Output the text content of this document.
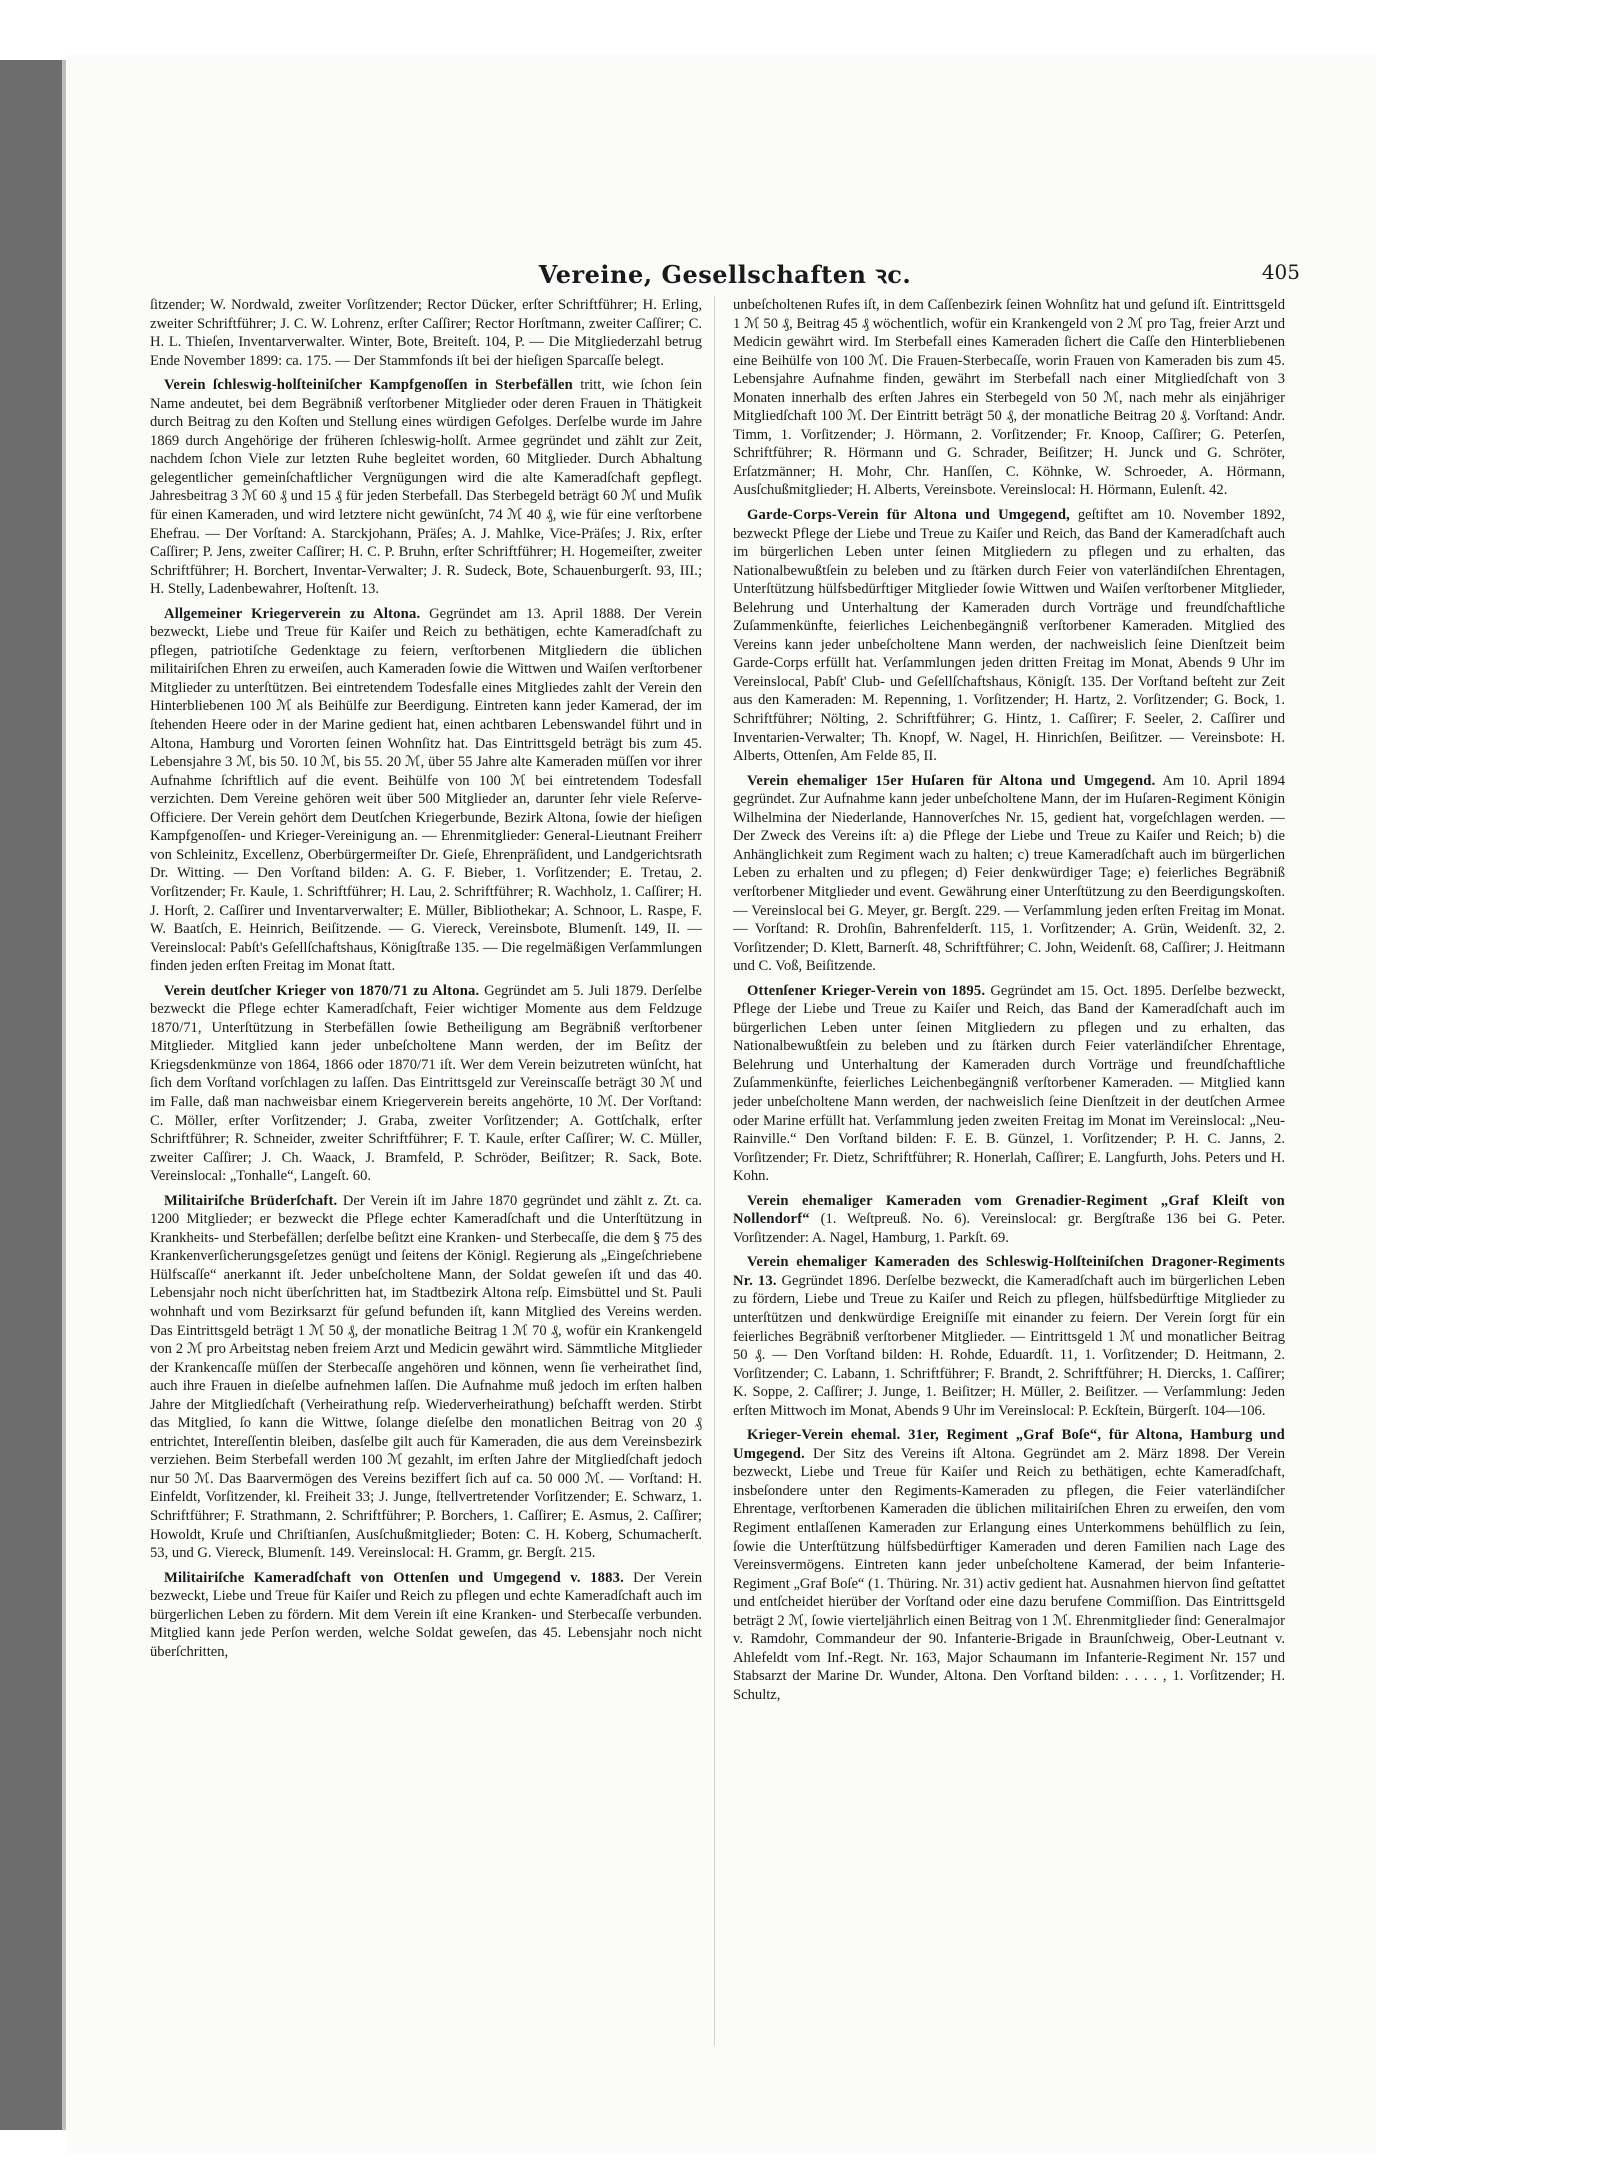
Vereine, Gesellschaften ꝛc.	405

ſitzender; W. Nordwald, zweiter Vorſitzender; Rector Dücker, erſter Schriftführer; H. Erling, zweiter Schriftführer; J. C. W. Lohrenz, erſter Caſſirer; Rector Horſtmann, zweiter Caſſirer; C. H. L. Thieſen, Inventarverwalter. Winter, Bote, Breiteſt. 104, P. — Die Mitgliederzahl betrug Ende November 1899: ca. 175. — Der Stammfonds iſt bei der hieſigen Sparcaſſe belegt.

Verein ſchleswig-holſteiniſcher Kampfgenoſſen in Sterbefällen tritt, wie ſchon ſein Name andeutet, bei dem Begräbniß verſtorbener Mitglieder oder deren Frauen in Thätigkeit durch Beitrag zu den Koſten und Stellung eines würdigen Gefolges. Derſelbe wurde im Jahre 1869 durch Angehörige der früheren ſchleswig-holſt. Armee gegründet und zählt zur Zeit, nachdem ſchon Viele zur letzten Ruhe begleitet worden, 60 Mitglieder. Durch Abhaltung gelegentlicher gemeinſchaftlicher Vergnügungen wird die alte Kameradſchaft gepflegt. Jahresbeitrag 3 ℳ 60 ₰ und 15 ₰ für jeden Sterbefall. Das Sterbegeld beträgt 60 ℳ und Muſik für einen Kameraden, und wird letztere nicht gewünſcht, 74 ℳ 40 ₰, wie für eine verſtorbene Ehefrau. — Der Vorſtand: A. Starckjohann, Präſes; A. J. Mahlke, Vice-Präſes; J. Rix, erſter Caſſirer; P. Jens, zweiter Caſſirer; H. C. P. Bruhn, erſter Schriftführer; H. Hogemeiſter, zweiter Schriftführer; H. Borchert, Inventar-Verwalter; J. R. Sudeck, Bote, Schauenburgerſt. 93, III.; H. Stelly, Ladenbewahrer, Hoſtenſt. 13.

Allgemeiner Kriegerverein zu Altona. Gegründet am 13. April 1888. Der Verein bezweckt, Liebe und Treue für Kaiſer und Reich zu bethätigen, echte Kameradſchaft zu pflegen, patriotiſche Gedenktage zu feiern, verſtorbenen Mitgliedern die üblichen militairiſchen Ehren zu erweiſen, auch Kameraden ſowie die Wittwen und Waiſen verſtorbener Mitglieder zu unterſtützen. Bei eintretendem Todesfalle eines Mitgliedes zahlt der Verein den Hinterbliebenen 100 ℳ als Beihülfe zur Beerdigung. Eintreten kann jeder Kamerad, der im ſtehenden Heere oder in der Marine gedient hat, einen achtbaren Lebenswandel führt und in Altona, Hamburg und Vororten ſeinen Wohnſitz hat. Das Eintrittsgeld beträgt bis zum 45. Lebensjahre 3 ℳ, bis 50. 10 ℳ, bis 55. 20 ℳ, über 55 Jahre alte Kameraden müſſen vor ihrer Aufnahme ſchriftlich auf die event. Beihülfe von 100 ℳ bei eintretendem Todesfall verzichten. Dem Vereine gehören weit über 500 Mitglieder an, darunter ſehr viele Reſerve-Officiere. Der Verein gehört dem Deutſchen Kriegerbunde, Bezirk Altona, ſowie der hieſigen Kampfgenoſſen- und Krieger-Vereinigung an. — Ehrenmitglieder: General-Lieutnant Freiherr von Schleinitz, Excellenz, Oberbürgermeiſter Dr. Gieſe, Ehrenpräſident, und Landgerichtsrath Dr. Witting. — Den Vorſtand bilden: A. G. F. Bieber, 1. Vorſitzender; E. Tretau, 2. Vorſitzender; Fr. Kaule, 1. Schriftführer; H. Lau, 2. Schriftführer; R. Wachholz, 1. Caſſirer; H. J. Horſt, 2. Caſſirer und Inventarverwalter; E. Müller, Bibliothekar; A. Schnoor, L. Raspe, F. W. Baatſch, E. Heinrich, Beiſitzende. — G. Viereck, Vereinsbote, Blumenſt. 149, II. — Vereinslocal: Pabſt's Geſellſchaftshaus, Königſtraße 135. — Die regelmäßigen Verſammlungen finden jeden erſten Freitag im Monat ſtatt.

Verein deutſcher Krieger von 1870/71 zu Altona. Gegründet am 5. Juli 1879. Derſelbe bezweckt die Pflege echter Kameradſchaft, Feier wichtiger Momente aus dem Feldzuge 1870/71, Unterſtützung in Sterbefällen ſowie Betheiligung am Begräbniß verſtorbener Mitglieder. Mitglied kann jeder unbeſcholtene Mann werden, der im Beſitz der Kriegsdenkmünze von 1864, 1866 oder 1870/71 iſt. Wer dem Verein beizutreten wünſcht, hat ſich dem Vorſtand vorſchlagen zu laſſen. Das Eintrittsgeld zur Vereinscaſſe beträgt 30 ℳ und im Falle, daß man nachweisbar einem Kriegerverein bereits angehörte, 10 ℳ. Der Vorſtand: C. Möller, erſter Vorſitzender; J. Graba, zweiter Vorſitzender; A. Gottſchalk, erſter Schriftführer; R. Schneider, zweiter Schriftführer; F. T. Kaule, erſter Caſſirer; W. C. Müller, zweiter Caſſirer; J. Ch. Waack, J. Bramfeld, P. Schröder, Beiſitzer; R. Sack, Bote. Vereinslocal: „Tonhalle“, Langeſt. 60.

Militairiſche Brüderſchaft. Der Verein iſt im Jahre 1870 gegründet und zählt z. Zt. ca. 1200 Mitglieder; er bezweckt die Pflege echter Kameradſchaft und die Unterſtützung in Krankheits- und Sterbefällen; derſelbe beſitzt eine Kranken- und Sterbecaſſe, die dem § 75 des Krankenverſicherungsgeſetzes genügt und ſeitens der Königl. Regierung als „Eingeſchriebene Hülfscaſſe“ anerkannt iſt. Jeder unbeſcholtene Mann, der Soldat geweſen iſt und das 40. Lebensjahr noch nicht überſchritten hat, im Stadtbezirk Altona reſp. Eimsbüttel und St. Pauli wohnhaft und vom Bezirksarzt für geſund befunden iſt, kann Mitglied des Vereins werden. Das Eintrittsgeld beträgt 1 ℳ 50 ₰, der monatliche Beitrag 1 ℳ 70 ₰, wofür ein Krankengeld von 2 ℳ pro Arbeitstag neben freiem Arzt und Medicin gewährt wird. Sämmtliche Mitglieder der Krankencaſſe müſſen der Sterbecaſſe angehören und können, wenn ſie verheirathet ſind, auch ihre Frauen in dieſelbe aufnehmen laſſen. Die Aufnahme muß jedoch im erſten halben Jahre der Mitgliedſchaft (Verheirathung reſp. Wiederverheirathung) beſchafft werden. Stirbt das Mitglied, ſo kann die Wittwe, ſolange dieſelbe den monatlichen Beitrag von 20 ₰ entrichtet, Intereſſentin bleiben, dasſelbe gilt auch für Kameraden, die aus dem Vereinsbezirk verziehen. Beim Sterbefall werden 100 ℳ gezahlt, im erſten Jahre der Mitgliedſchaft jedoch nur 50 ℳ. Das Baarvermögen des Vereins beziffert ſich auf ca. 50 000 ℳ. — Vorſtand: H. Einfeldt, Vorſitzender, kl. Freiheit 33; J. Junge, ſtellvertretender Vorſitzender; E. Schwarz, 1. Schriftführer; F. Strathmann, 2. Schriftführer; P. Borchers, 1. Caſſirer; E. Asmus, 2. Caſſirer; Howoldt, Kruſe und Chriſtianſen, Ausſchußmitglieder; Boten: C. H. Koberg, Schumacherſt. 53, und G. Viereck, Blumenſt. 149. Vereinslocal: H. Gramm, gr. Bergſt. 215.

Militairiſche Kameradſchaft von Ottenſen und Umgegend v. 1883. Der Verein bezweckt, Liebe und Treue für Kaiſer und Reich zu pflegen und echte Kameradſchaft auch im bürgerlichen Leben zu fördern. Mit dem Verein iſt eine Kranken- und Sterbecaſſe verbunden. Mitglied kann jede Perſon werden, welche Soldat geweſen, das 45. Lebensjahr noch nicht überſchritten,

unbeſcholtenen Rufes iſt, in dem Caſſenbezirk ſeinen Wohnſitz hat und geſund iſt. Eintrittsgeld 1 ℳ 50 ₰, Beitrag 45 ₰ wöchentlich, wofür ein Krankengeld von 2 ℳ pro Tag, freier Arzt und Medicin gewährt wird. Im Sterbefall eines Kameraden ſichert die Caſſe den Hinterbliebenen eine Beihülfe von 100 ℳ. Die Frauen-Sterbecaſſe, worin Frauen von Kameraden bis zum 45. Lebensjahre Aufnahme finden, gewährt im Sterbefall nach einer Mitgliedſchaft von 3 Monaten innerhalb des erſten Jahres ein Sterbegeld von 50 ℳ, nach mehr als einjähriger Mitgliedſchaft 100 ℳ. Der Eintritt beträgt 50 ₰, der monatliche Beitrag 20 ₰. Vorſtand: Andr. Timm, 1. Vorſitzender; J. Hörmann, 2. Vorſitzender; Fr. Knoop, Caſſirer; G. Peterſen, Schriftführer; R. Hörmann und G. Schrader, Beiſitzer; H. Junck und G. Schröter, Erſatzmänner; H. Mohr, Chr. Hanſſen, C. Köhnke, W. Schroeder, A. Hörmann, Ausſchußmitglieder; H. Alberts, Vereinsbote. Vereinslocal: H. Hörmann, Eulenſt. 42.

Garde-Corps-Verein für Altona und Umgegend, geſtiftet am 10. November 1892, bezweckt Pflege der Liebe und Treue zu Kaiſer und Reich, das Band der Kameradſchaft auch im bürgerlichen Leben unter ſeinen Mitgliedern zu pflegen und zu erhalten, das Nationalbewußtſein zu beleben und zu ſtärken durch Feier von vaterländiſchen Ehrentagen, Unterſtützung hülfsbedürftiger Mitglieder ſowie Wittwen und Waiſen verſtorbener Mitglieder, Belehrung und Unterhaltung der Kameraden durch Vorträge und freundſchaftliche Zuſammenkünfte, feierliches Leichenbegängniß verſtorbener Kameraden. Mitglied des Vereins kann jeder unbeſcholtene Mann werden, der nachweislich ſeine Dienſtzeit beim Garde-Corps erfüllt hat. Verſammlungen jeden dritten Freitag im Monat, Abends 9 Uhr im Vereinslocal, Pabſt' Club- und Geſellſchaftshaus, Königſt. 135. Der Vorſtand beſteht zur Zeit aus den Kameraden: M. Repenning, 1. Vorſitzender; H. Hartz, 2. Vorſitzender; G. Bock, 1. Schriftführer; Nölting, 2. Schriftführer; G. Hintz, 1. Caſſirer; F. Seeler, 2. Caſſirer und Inventarien-Verwalter; Th. Knopf, W. Nagel, H. Hinrichſen, Beiſitzer. — Vereinsbote: H. Alberts, Ottenſen, Am Felde 85, II.

Verein ehemaliger 15er Huſaren für Altona und Umgegend. Am 10. April 1894 gegründet. Zur Aufnahme kann jeder unbeſcholtene Mann, der im Huſaren-Regiment Königin Wilhelmina der Niederlande, Hannoverſches Nr. 15, gedient hat, vorgeſchlagen werden. — Der Zweck des Vereins iſt: a) die Pflege der Liebe und Treue zu Kaiſer und Reich; b) die Anhänglichkeit zum Regiment wach zu halten; c) treue Kameradſchaft auch im bürgerlichen Leben zu erhalten und zu pflegen; d) Feier denkwürdiger Tage; e) feierliches Begräbniß verſtorbener Mitglieder und event. Gewährung einer Unterſtützung zu den Beerdigungskoſten. — Vereinslocal bei G. Meyer, gr. Bergſt. 229. — Verſammlung jeden erſten Freitag im Monat. — Vorſtand: R. Drohſin, Bahrenfelderſt. 115, 1. Vorſitzender; A. Grün, Weidenſt. 32, 2. Vorſitzender; D. Klett, Barnerſt. 48, Schriftführer; C. John, Weidenſt. 68, Caſſirer; J. Heitmann und C. Voß, Beiſitzende.

Ottenſener Krieger-Verein von 1895. Gegründet am 15. Oct. 1895. Derſelbe bezweckt, Pflege der Liebe und Treue zu Kaiſer und Reich, das Band der Kameradſchaft auch im bürgerlichen Leben unter ſeinen Mitgliedern zu pflegen und zu erhalten, das Nationalbewußtſein zu beleben und zu ſtärken durch Feier vaterländiſcher Ehrentage, Belehrung und Unterhaltung der Kameraden durch Vorträge und freundſchaftliche Zuſammenkünfte, feierliches Leichenbegängniß verſtorbener Kameraden. — Mitglied kann jeder unbeſcholtene Mann werden, der nachweislich ſeine Dienſtzeit in der deutſchen Armee oder Marine erfüllt hat. Verſammlung jeden zweiten Freitag im Monat im Vereinslocal: „Neu-Rainville.“ Den Vorſtand bilden: F. E. B. Günzel, 1. Vorſitzender; P. H. C. Janns, 2. Vorſitzender; Fr. Dietz, Schriftführer; R. Honerlah, Caſſirer; E. Langfurth, Johs. Peters und H. Kohn.

Verein ehemaliger Kameraden vom Grenadier-Regiment „Graf Kleiſt von Nollendorf“ (1. Weſtpreuß. No. 6). Vereinslocal: gr. Bergſtraße 136 bei G. Peter. Vorſitzender: A. Nagel, Hamburg, 1. Parkſt. 69.

Verein ehemaliger Kameraden des Schleswig-Holſteiniſchen Dragoner-Regiments Nr. 13. Gegründet 1896. Derſelbe bezweckt, die Kameradſchaft auch im bürgerlichen Leben zu fördern, Liebe und Treue zu Kaiſer und Reich zu pflegen, hülfsbedürftige Mitglieder zu unterſtützen und denkwürdige Ereigniſſe mit einander zu feiern. Der Verein ſorgt für ein feierliches Begräbniß verſtorbener Mitglieder. — Eintrittsgeld 1 ℳ und monatlicher Beitrag 50 ₰. — Den Vorſtand bilden: H. Rohde, Eduardſt. 11, 1. Vorſitzender; D. Heitmann, 2. Vorſitzender; C. Labann, 1. Schriftführer; F. Brandt, 2. Schriftführer; H. Diercks, 1. Caſſirer; K. Soppe, 2. Caſſirer; J. Junge, 1. Beiſitzer; H. Müller, 2. Beiſitzer. — Verſammlung: Jeden erſten Mittwoch im Monat, Abends 9 Uhr im Vereinslocal: P. Eckſtein, Bürgerſt. 104—106.

Krieger-Verein ehemal. 31er, Regiment „Graf Boſe“, für Altona, Hamburg und Umgegend. Der Sitz des Vereins iſt Altona. Gegründet am 2. März 1898. Der Verein bezweckt, Liebe und Treue für Kaiſer und Reich zu bethätigen, echte Kameradſchaft, insbeſondere unter den Regiments-Kameraden zu pflegen, die Feier vaterländiſcher Ehrentage, verſtorbenen Kameraden die üblichen militairiſchen Ehren zu erweiſen, den vom Regiment entlaſſenen Kameraden zur Erlangung eines Unterkommens behülflich zu ſein, ſowie die Unterſtützung hülfsbedürftiger Kameraden und deren Familien nach Lage des Vereinsvermögens. Eintreten kann jeder unbeſcholtene Kamerad, der beim Infanterie-Regiment „Graf Boſe“ (1. Thüring. Nr. 31) activ gedient hat. Ausnahmen hiervon ſind geſtattet und entſcheidet hierüber der Vorſtand oder eine dazu berufene Commiſſion. Das Eintrittsgeld beträgt 2 ℳ, ſowie vierteljährlich einen Beitrag von 1 ℳ. Ehrenmitglieder ſind: Generalmajor v. Ramdohr, Commandeur der 90. Infanterie-Brigade in Braunſchweig, Ober-Leutnant v. Ahlefeldt vom Inf.-Regt. Nr. 163, Major Schaumann im Infanterie-Regiment Nr. 157 und Stabsarzt der Marine Dr. Wunder, Altona. Den Vorſtand bilden: . . . . , 1. Vorſitzender; H. Schultz,
